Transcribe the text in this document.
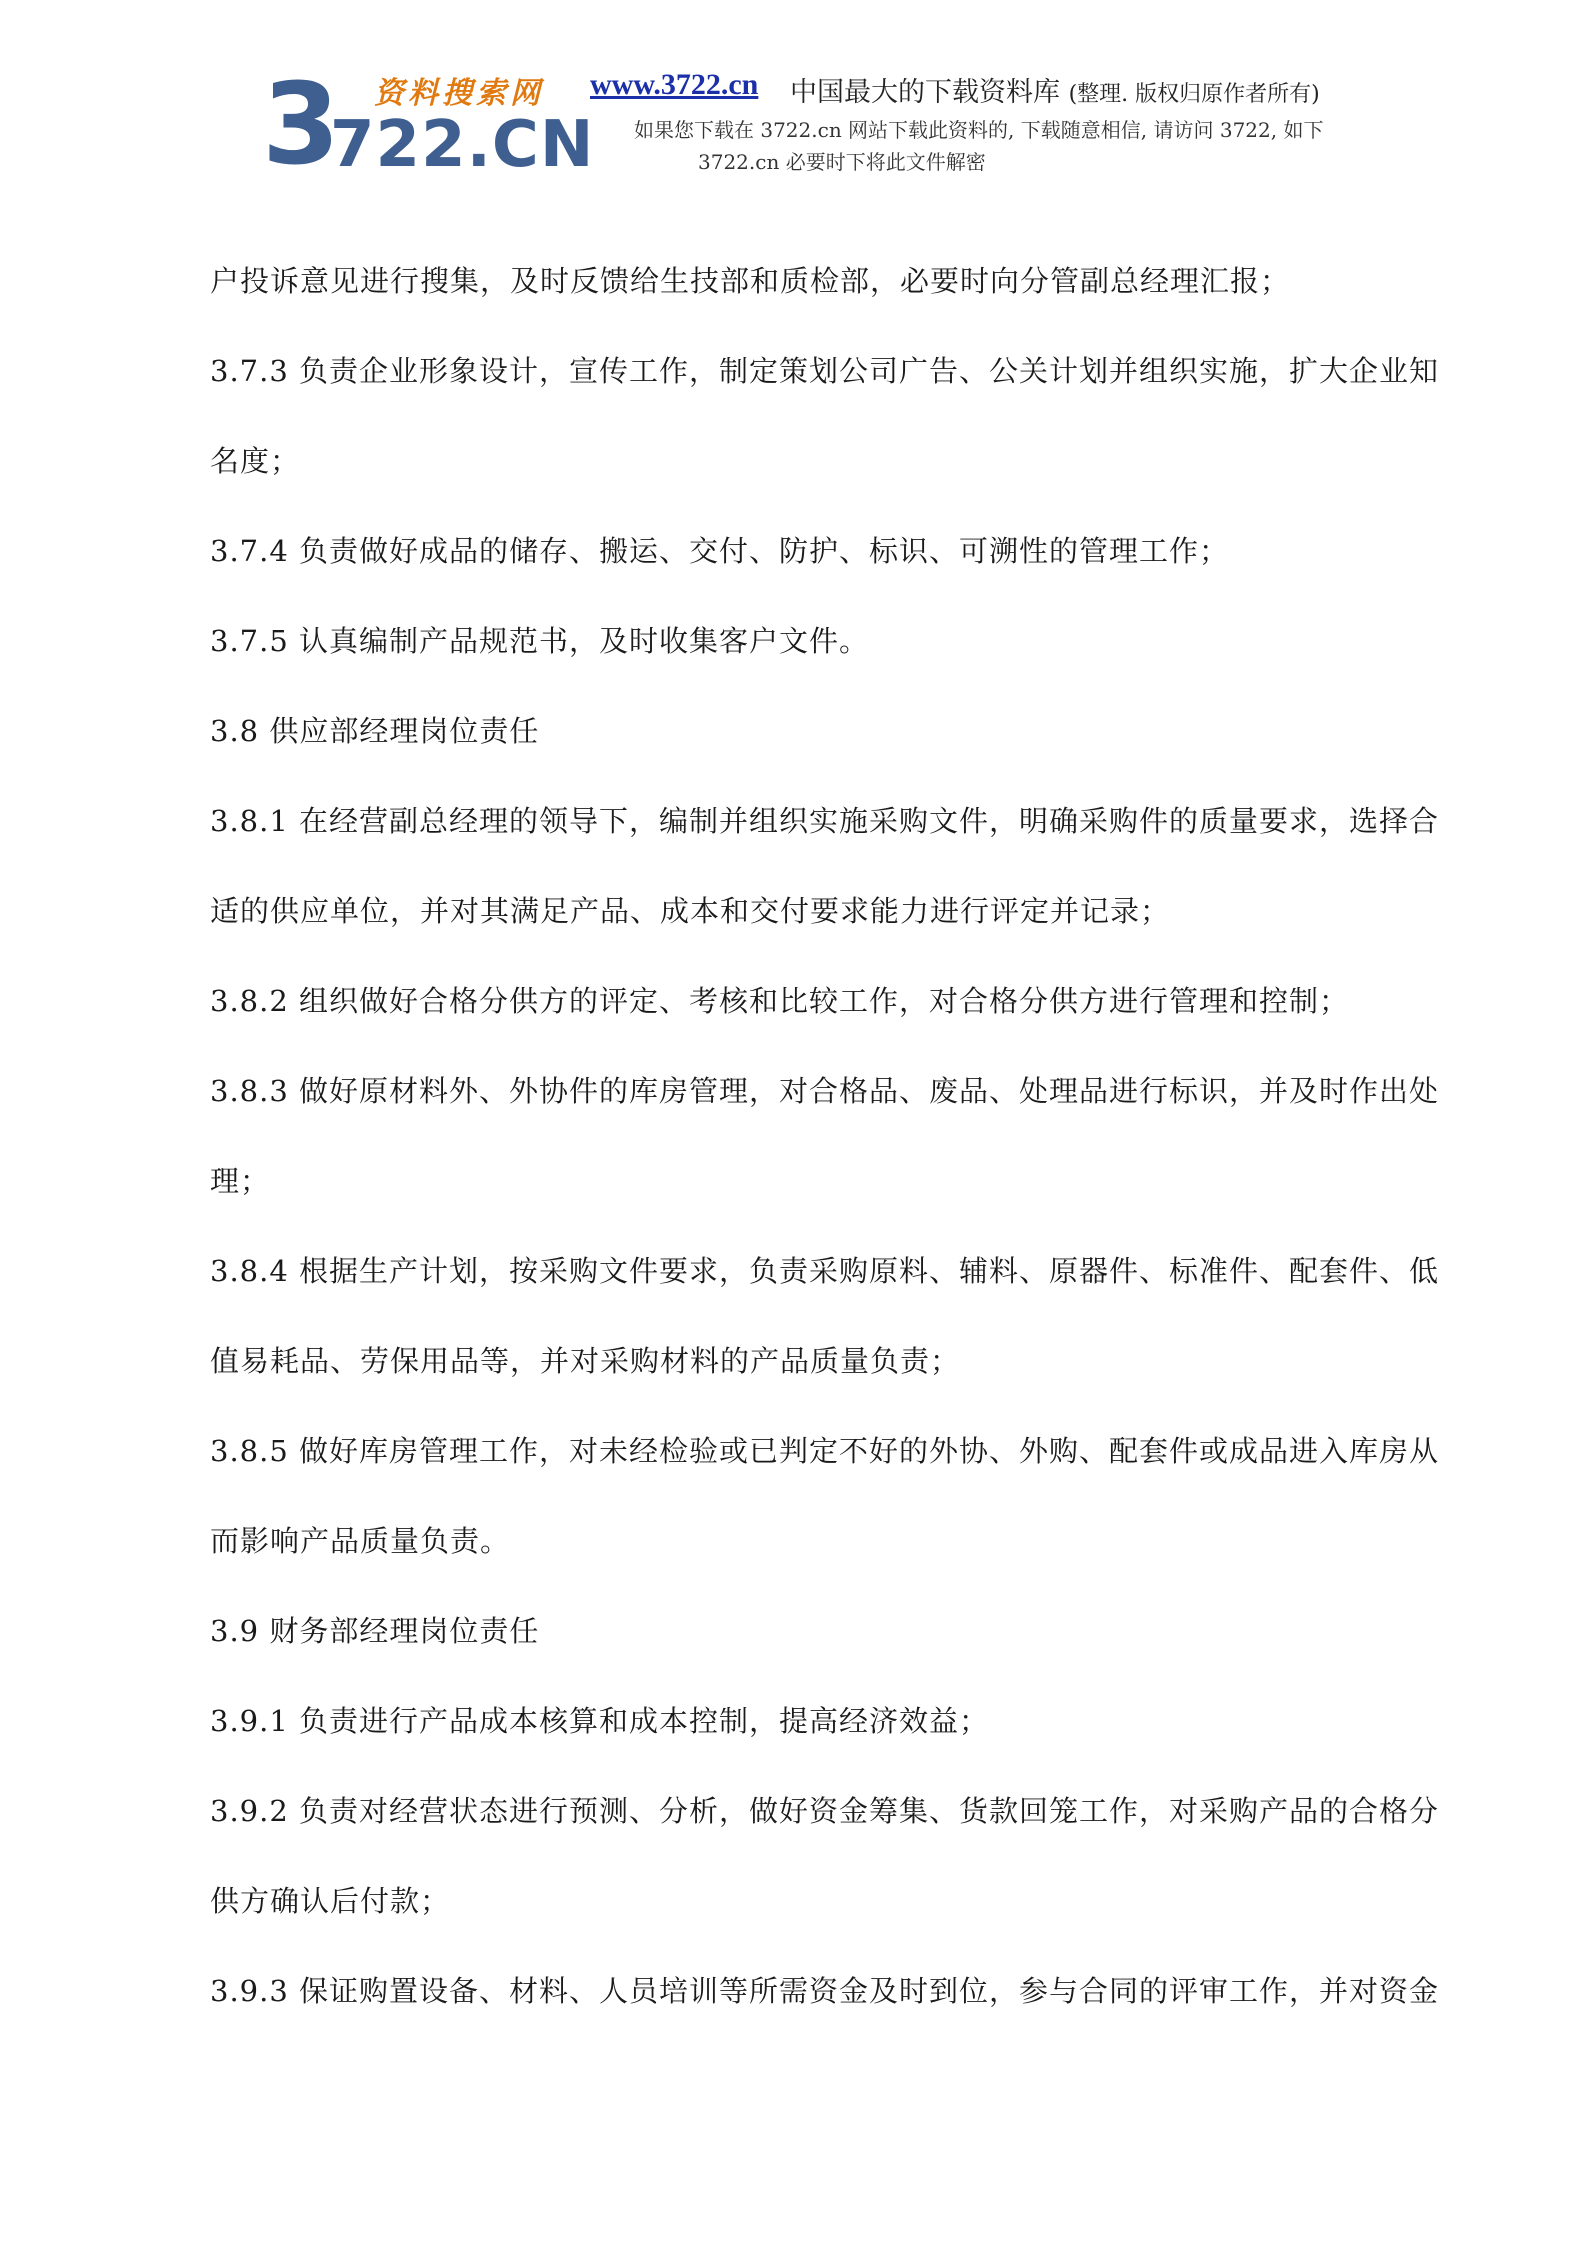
3
722.CN
资料搜索网 www.3722.cn 中国最大的下载资料库 (整理. 版权归原作者所有)
如果您下载在 3722.cn 网站下载此资料的, 下载随意相信, 请访问 3722, 如下
3722.cn 必要时下将此文件解密
户投诉意见进行搜集，及时反馈给生技部和质检部，必要时向分管副总经理汇报；
3.7.3 负责企业形象设计，宣传工作，制定策划公司广告、公关计划并组织实施，扩大企业知
名度；
3.7.4 负责做好成品的储存、搬运、交付、防护、标识、可溯性的管理工作；
3.7.5 认真编制产品规范书，及时收集客户文件。
3.8 供应部经理岗位责任
3.8.1 在经营副总经理的领导下，编制并组织实施采购文件，明确采购件的质量要求，选择合
适的供应单位，并对其满足产品、成本和交付要求能力进行评定并记录；
3.8.2 组织做好合格分供方的评定、考核和比较工作，对合格分供方进行管理和控制；
3.8.3 做好原材料外、外协件的库房管理，对合格品、废品、处理品进行标识，并及时作出处
理；
3.8.4 根据生产计划，按采购文件要求，负责采购原料、辅料、原器件、标准件、配套件、低
值易耗品、劳保用品等，并对采购材料的产品质量负责；
3.8.5 做好库房管理工作，对未经检验或已判定不好的外协、外购、配套件或成品进入库房从
而影响产品质量负责。
3.9 财务部经理岗位责任
3.9.1 负责进行产品成本核算和成本控制，提高经济效益；
3.9.2 负责对经营状态进行预测、分析，做好资金筹集、货款回笼工作，对采购产品的合格分
供方确认后付款；
3.9.3 保证购置设备、材料、人员培训等所需资金及时到位，参与合同的评审工作，并对资金
